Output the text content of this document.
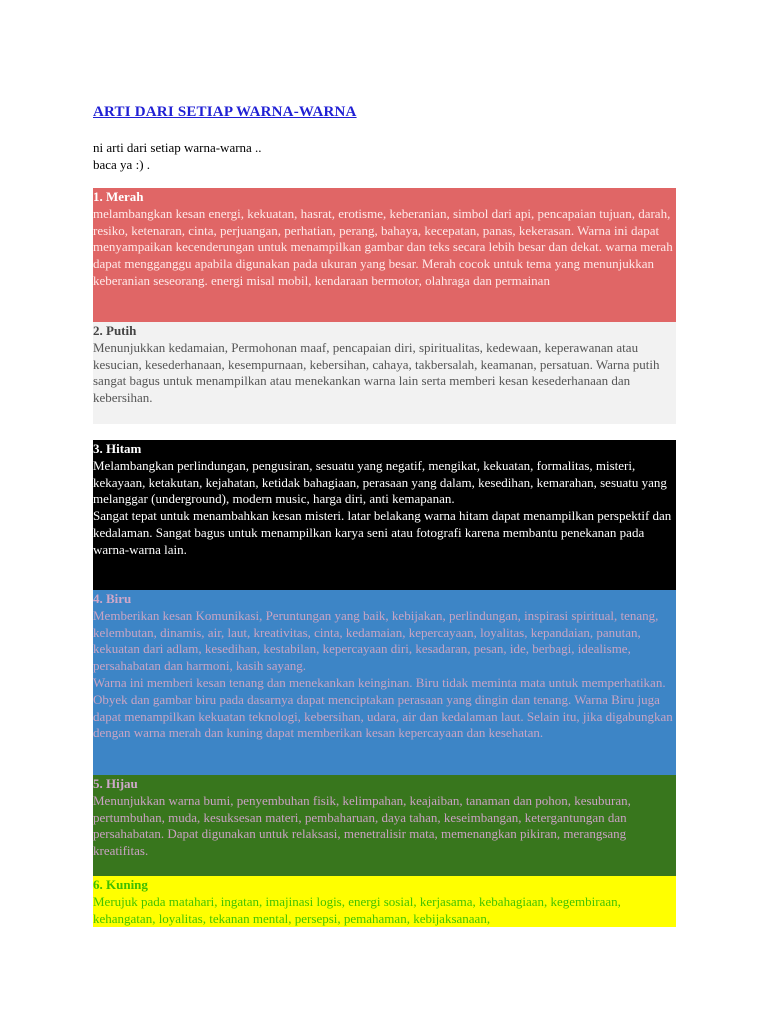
ARTI DARI SETIAP WARNA-WARNA
ni arti dari setiap warna-warna ..
baca ya :) .
1. Merah

melambangkan kesan energi, kekuatan, hasrat, erotisme, keberanian, simbol dari api, pencapaian tujuan, darah, resiko, ketenaran, cinta, perjuangan, perhatian, perang, bahaya, kecepatan, panas, kekerasan. Warna ini dapat menyampaikan kecenderungan untuk menampilkan gambar dan teks secara lebih besar dan dekat. warna merah dapat mengganggu apabila digunakan pada ukuran yang besar. Merah cocok untuk tema yang menunjukkan keberanian seseorang. energi misal mobil, kendaraan bermotor, olahraga dan permainan

2. Putih

Menunjukkan kedamaian, Permohonan maaf, pencapaian diri, spiritualitas, kedewaan, keperawanan atau kesucian, kesederhanaan, kesempurnaan, kebersihan, cahaya, takbersalah, keamanan, persatuan. Warna putih sangat bagus untuk menampilkan atau menekankan warna lain serta memberi kesan kesederhanaan dan kebersihan.

3. Hitam

Melambangkan perlindungan, pengusiran, sesuatu yang negatif, mengikat, kekuatan, formalitas, misteri, kekayaan, ketakutan, kejahatan, ketidak bahagiaan, perasaan yang dalam, kesedihan, kemarahan, sesuatu yang melanggar (underground), modern music, harga diri, anti kemapanan.

Sangat tepat untuk menambahkan kesan misteri. latar belakang warna hitam dapat menampilkan perspektif dan kedalaman. Sangat bagus untuk menampilkan karya seni atau fotografi karena membantu penekanan pada warna-warna lain.

4. Biru

Memberikan kesan Komunikasi, Peruntungan yang baik, kebijakan, perlindungan, inspirasi spiritual, tenang, kelembutan, dinamis, air, laut, kreativitas, cinta, kedamaian, kepercayaan, loyalitas, kepandaian, panutan, kekuatan dari adlam, kesedihan, kestabilan, kepercayaan diri, kesadaran, pesan, ide, berbagi, idealisme, persahabatan dan harmoni, kasih sayang.

Warna ini memberi kesan tenang dan menekankan keinginan. Biru tidak meminta mata untuk memperhatikan. Obyek dan gambar biru pada dasarnya dapat menciptakan perasaan yang dingin dan tenang. Warna Biru juga dapat menampilkan kekuatan teknologi, kebersihan, udara, air dan kedalaman laut. Selain itu, jika digabungkan dengan warna merah dan kuning dapat memberikan kesan kepercayaan dan kesehatan.

5. Hijau

Menunjukkan warna bumi, penyembuhan fisik, kelimpahan, keajaiban, tanaman dan pohon, kesuburan, pertumbuhan, muda, kesuksesan materi, pembaharuan, daya tahan, keseimbangan, ketergantungan dan persahabatan. Dapat digunakan untuk relaksasi, menetralisir mata, memenangkan pikiran, merangsang kreatifitas.

6. Kuning

Merujuk pada matahari, ingatan, imajinasi logis, energi sosial, kerjasama, kebahagiaan, kegembiraan, kehangatan, loyalitas, tekanan mental, persepsi, pemahaman, kebijaksanaan,
